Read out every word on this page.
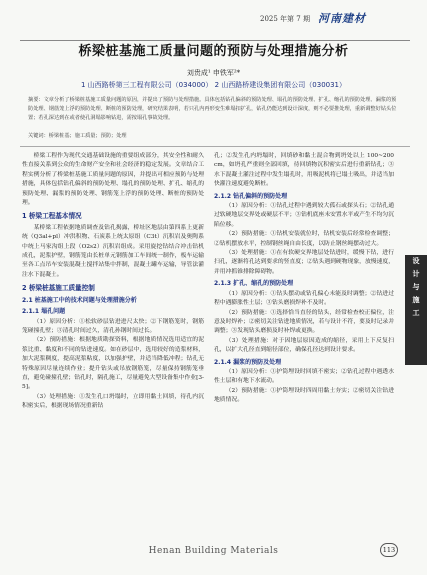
2025 年第 7 期 河南建材
桥梁桩基施工质量问题的预防与处理措施分析
刘贵成¹ 申铁军²*
1 山西路桥第三工程有限公司（034000） 2 山西路桥建设集团有限公司（030031）
摘要：文章分析了桥梁桩基施工质量问题的原因，并提出了预防与处理措施。具体包括钻孔偏斜的预防处理、塌孔的预防处理、扩孔、缩孔的预防处理、漏浆的预防处理、钢筋笼上浮的预防处理、断桩的预防处理，研究结果表明，若只孔内再形变生难塌扣扩孔，钻孔仍能达到设计深度，则不必要推处理，重新调整好钻头位置；若孔深达到在或者使孔洞塌影响钻进，需按塌孔事故处理。
关键词：桥梁桩基；施工质量；预防；处理

桥梁工程作为现代交通基础设施的重要组成部分，其安全性和耐久性直接关系到公众的生命财产安全和社会经济的稳定发展。文章结合工程实例分析了桥梁桩基施工质量问题的原因，并提出可相应预防与处理措施，具体包括钻孔偏斜的预防处理、塌孔的预防处理、扩孔、缩孔的预防处理、漏浆的预防处理、钢筋笼上浮的预防处理、断桩的预防处理。

1 桥梁工程基本情况

某桥梁工程依据地质调查及钻孔揭露，桥址区地层由第四系上更新统（Q3al+pl）冲洪积物、石炭系上统太原组（C3t）沉积岩及奥陶系中统上马家沟组上段（O2s2）沉积岩组成。采用旋挖钻结合冲击钻机成孔，泥浆护壁，钢筋笼由长桩单元钢筋加工车间统一制作，板车运输至各工点吊车安装混凝土搅拌站集中拌制，混凝土罐车运输，导管法灌注水下混凝土。

2 桥梁桩基施工质量控制
2.1 桩基施工中的技术问题与处理措施分析
2.1.1 塌孔问题

（1）原因分析：①松软砂层钻进进尺太快；②下钢筋笼时，钢筋笼碰撞孔壁；③清孔时间过久，清孔孙钢时间过长。

（2）预防措施：根据地质勘探资料，根据地质情况选用适宜的泥浆比重、黏度和不同的钻进速度。如在砂层中，选用较好的造浆材料，加大泥浆稠度，提高泥浆粘度，以加强护壁，并适当降低冲程；钻孔无特殊原因尽量连续作业；提升钻头或吊放钢筋笼，尽量保持钢筋笼垂直，避免碰撞孔壁；钻孔时，隔孔施工，尽量避免大型设备集中作业[3-5]。

（3）处理措施：①发生孔口坍塌时，立即用黏土回填，待孔内沉积密实后，根据现场情况重新钻

孔；②发生孔内坍塌时，回填砂和黏土混合物到坍处以上 100~200 cm，如坍孔严重则全部回填，待回填物沉积密实后进行重新钻孔；③水下混凝土灌注过程中发生塌孔时，用吸泥机将已塌土吸出，并适当加快灌注速度避免断桩。

2.1.2 钻孔偏斜的预防处理

（1）原因分析：①钻孔过程中遇到较大孤石或探头石；②钻孔通过软硬地层交界处或硬层不平；③钻机底座未安置水平或产生不均匀沉陷位移。

（2）预防措施：①钻机安装就位时，钻机安装后经常检查调整；②钻机摆放水平，控制钢丝绳自由长度，以防止钢丝绳摆动过大。

（3）处理措施：①在有软硬交界地层处钻进时，缓慢下钻，进行扫孔，逐渐将孔达到要求的竖直度；②钻头遇到硬物现象，放慢速度，并用冲抓锥排除障碍物。

2.1.3 扩孔、缩孔的预防处理

（1）原因分析：①钻头摆动或钻孔偏心未能及时调整；②钻进过程中遇膨胀性土层；③钻头磨损焊补不及时。

（2）预防措施：①选择恰当直径的钻头，经常检查校正偏位，注意及时焊补；②密切关注钻进地质情况，若与设计不符，要及时记录并调整；③发现钻头磨损及时补焊或更换。

（3）处理措施：对于因地层原因造成的缩径，采用上下反复扫孔，以扩大孔径直到缩径部位，确保孔径达到设计要求。

2.1.4 漏浆的预防及处理

（1）原因分析：①护筒埋设时回填不密实；②钻孔过程中遇透水性土层和有地下水流动。

（2）预防措施：①护筒埋设时四周用黏土夯实；②密切关注钻进地质情况。

设
计
与
施
工
Henan Building Materials	113
